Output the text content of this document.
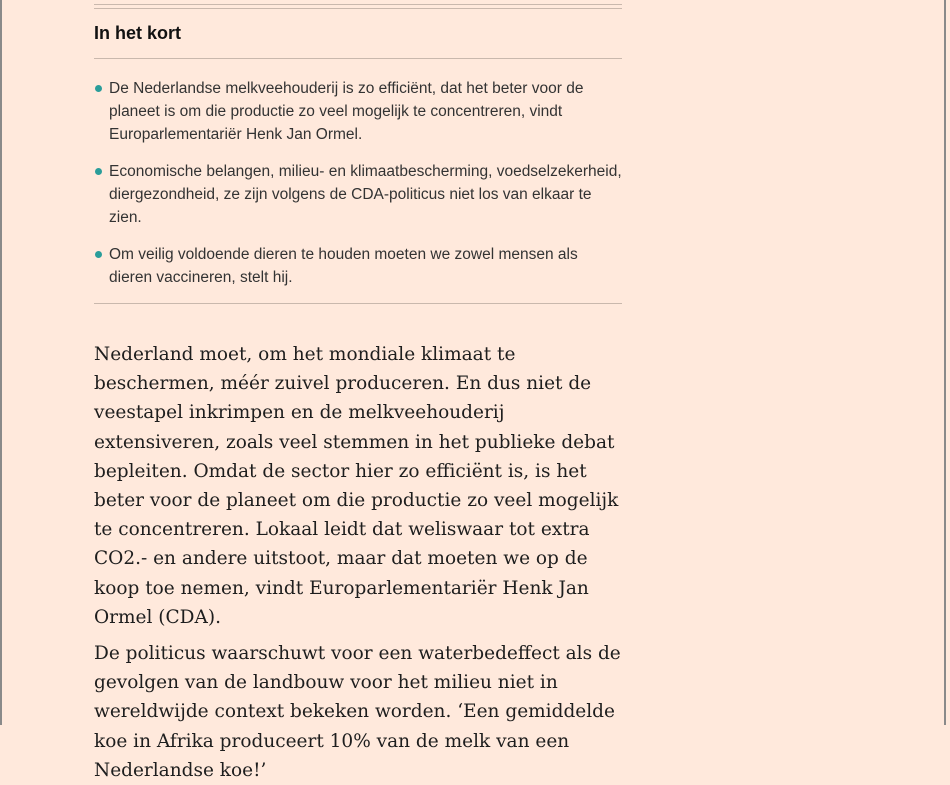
In het kort
De Nederlandse melkveehouderij is zo efficiënt, dat het beter voor de planeet is om die productie zo veel mogelijk te concentreren, vindt Europarlementariër Henk Jan Ormel.
Economische belangen, milieu- en klimaatbescherming, voedselzekerheid, diergezondheid, ze zijn volgens de CDA-politicus niet los van elkaar te zien.
Om veilig voldoende dieren te houden moeten we zowel mensen als dieren vaccineren, stelt hij.

Nederland moet, om het mondiale klimaat te beschermen, méér zuivel produceren. En dus niet de veestapel inkrimpen en de melkveehouderij extensiveren, zoals veel stemmen in het publieke debat bepleiten. Omdat de sector hier zo efficiënt is, is het beter voor de planeet om die productie zo veel mogelijk te concentreren. Lokaal leidt dat weliswaar tot extra CO2.- en andere uitstoot, maar dat moeten we op de koop toe nemen, vindt Europarlementariër Henk Jan Ormel (CDA).

De politicus waarschuwt voor een waterbedeffect als de gevolgen van de landbouw voor het milieu niet in wereldwijde context bekeken worden. ‘Een gemiddelde koe in Afrika produceert 10% van de melk van een Nederlandse koe!’
